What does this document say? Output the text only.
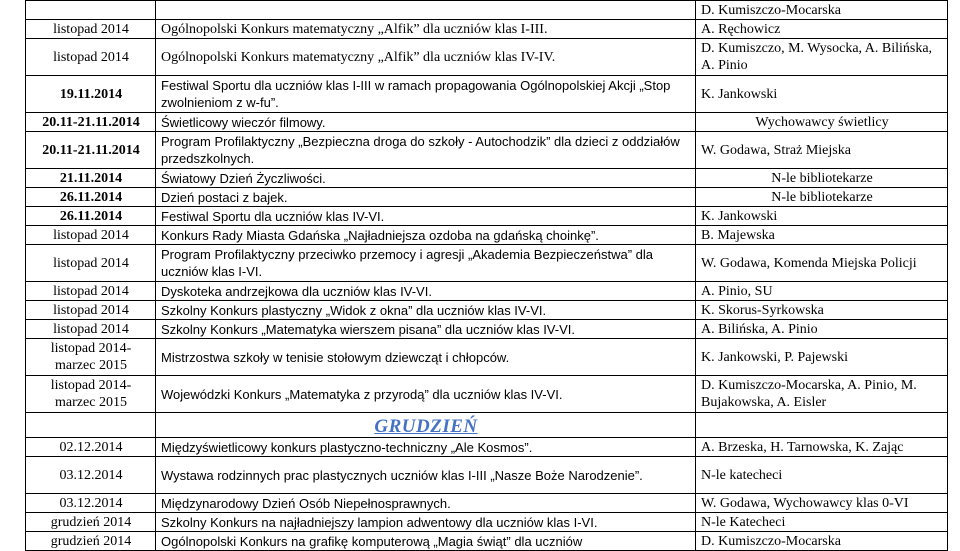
		D. Kumiszczo-Mocarska
listopad 2014	Ogólnopolski Konkurs matematyczny „Alfik” dla uczniów klas I-III.	A. Ręchowicz
listopad 2014	Ogólnopolski Konkurs matematyczny „Alfik” dla uczniów klas IV-IV.	D. Kumiszczo, M. Wysocka, A. Bilińska, A. Pinio
19.11.2014	Festiwal Sportu dla uczniów klas I-III w ramach propagowania Ogólnopolskiej Akcji „Stop zwolnieniom z w-fu”.	K. Jankowski
20.11-21.11.2014	Świetlicowy wieczór filmowy.	Wychowawcy świetlicy
20.11-21.11.2014	Program Profilaktyczny „Bezpieczna droga do szkoły - Autochodzik” dla dzieci z oddziałów przedszkolnych.	W. Godawa, Straż Miejska
21.11.2014	Światowy Dzień Życzliwości.	N-le bibliotekarze
26.11.2014	Dzień postaci z bajek.	N-le bibliotekarze
26.11.2014	Festiwal Sportu dla uczniów klas IV-VI.	K. Jankowski
listopad 2014	Konkurs Rady Miasta Gdańska „Najładniejsza ozdoba na gdańską choinkę”.	B. Majewska
listopad 2014	Program Profilaktyczny przeciwko przemocy i agresji „Akademia Bezpieczeństwa” dla uczniów klas I-VI.	W. Godawa, Komenda Miejska Policji
listopad 2014	Dyskoteka andrzejkowa dla uczniów klas IV-VI.	A. Pinio, SU
listopad 2014	Szkolny Konkurs plastyczny „Widok z okna” dla uczniów klas IV-VI.	K. Skorus-Syrkowska
listopad 2014	Szkolny Konkurs „Matematyka wierszem pisana” dla uczniów klas IV-VI.	A. Bilińska, A. Pinio
listopad 2014- marzec 2015	Mistrzostwa szkoły w tenisie stołowym dziewcząt i chłopców.	K. Jankowski, P. Pajewski
listopad 2014- marzec 2015	Wojewódzki Konkurs „Matematyka z przyrodą” dla uczniów klas IV-VI.	D. Kumiszczo-Mocarska, A. Pinio, M. Bujakowska, A. Eisler
	GRUDZIEŃ	
02.12.2014	Międzyświetlicowy konkurs plastyczno-techniczny „Ale Kosmos”.	A. Brzeska, H. Tarnowska, K. Zając
03.12.2014	Wystawa rodzinnych prac plastycznych uczniów klas I-III „Nasze Boże Narodzenie”.	N-le katecheci
03.12.2014	Międzynarodowy Dzień Osób Niepełnosprawnych.	W. Godawa, Wychowawcy klas 0-VI
grudzień 2014	Szkolny Konkurs na najładniejszy lampion adwentowy dla uczniów klas I-VI.	N-le Katecheci
grudzień 2014	Ogólnopolski Konkurs na grafikę komputerową „Magia świąt” dla uczniów	D. Kumiszczo-Mocarska
